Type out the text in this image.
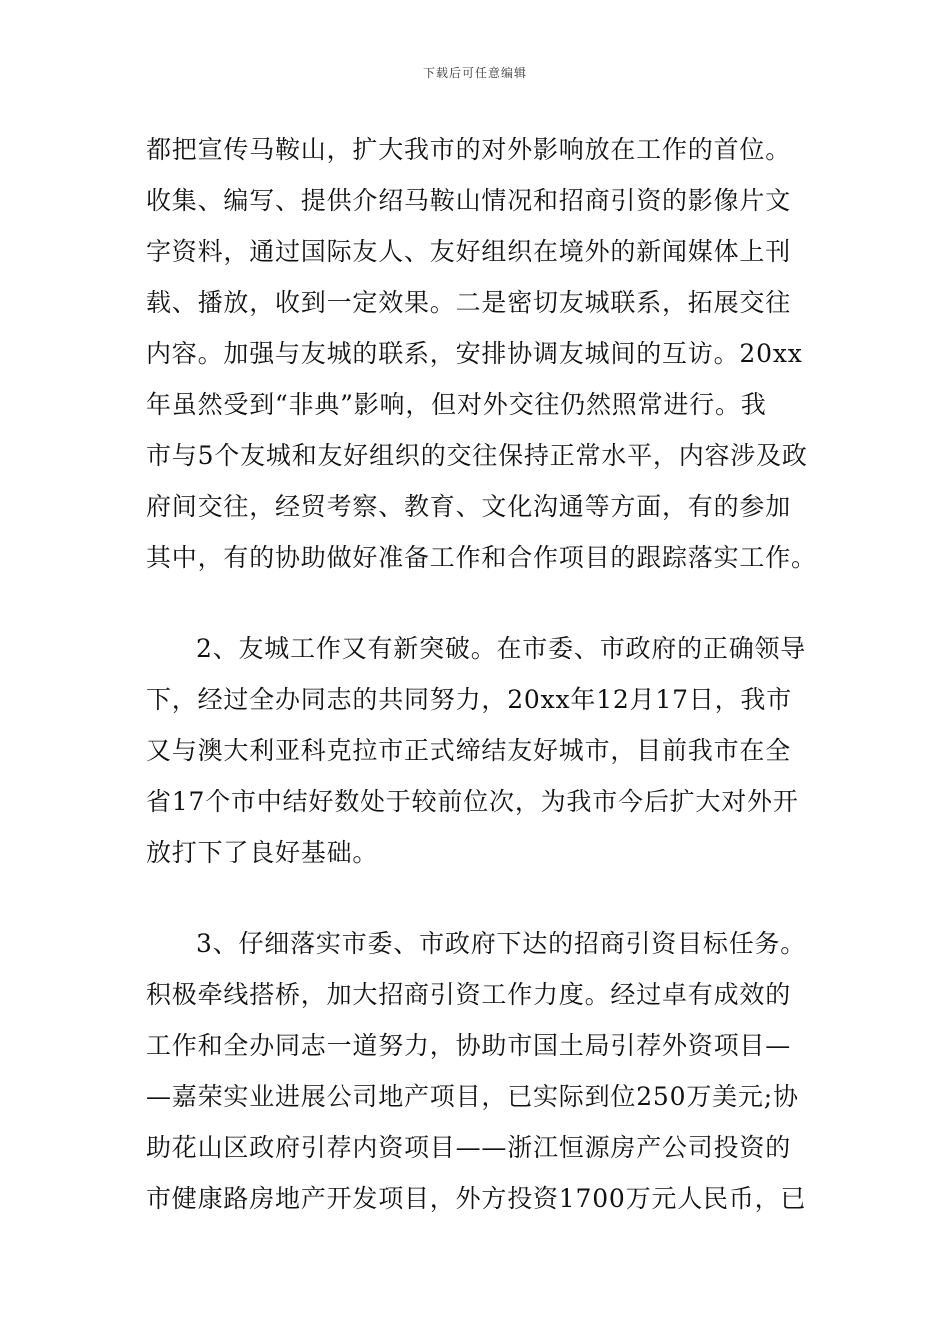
下载后可任意编辑
都把宣传马鞍山，扩大我市的对外影响放在工作的首位。
收集、编写、提供介绍马鞍山情况和招商引资的影像片文
字资料，通过国际友人、友好组织在境外的新闻媒体上刊
载、播放，收到一定效果。二是密切友城联系，拓展交往
内容。加强与友城的联系，安排协调友城间的互访。20xx
年虽然受到“非典”影响，但对外交往仍然照常进行。我
市与5个友城和友好组织的交往保持正常水平，内容涉及政
府间交往，经贸考察、教育、文化沟通等方面，有的参加
其中，有的协助做好准备工作和合作项目的跟踪落实工作。
2、友城工作又有新突破。在市委、市政府的正确领导
下，经过全办同志的共同努力，20xx年12月17日，我市
又与澳大利亚科克拉市正式缔结友好城市，目前我市在全
省17个市中结好数处于较前位次，为我市今后扩大对外开
放打下了良好基础。
3、仔细落实市委、市政府下达的招商引资目标任务。
积极牵线搭桥，加大招商引资工作力度。经过卓有成效的
工作和全办同志一道努力，协助市国土局引荐外资项目—
—嘉荣实业进展公司地产项目，已实际到位250万美元;协
助花山区政府引荐内资项目——浙江恒源房产公司投资的
市健康路房地产开发项目，外方投资1700万元人民币，已
